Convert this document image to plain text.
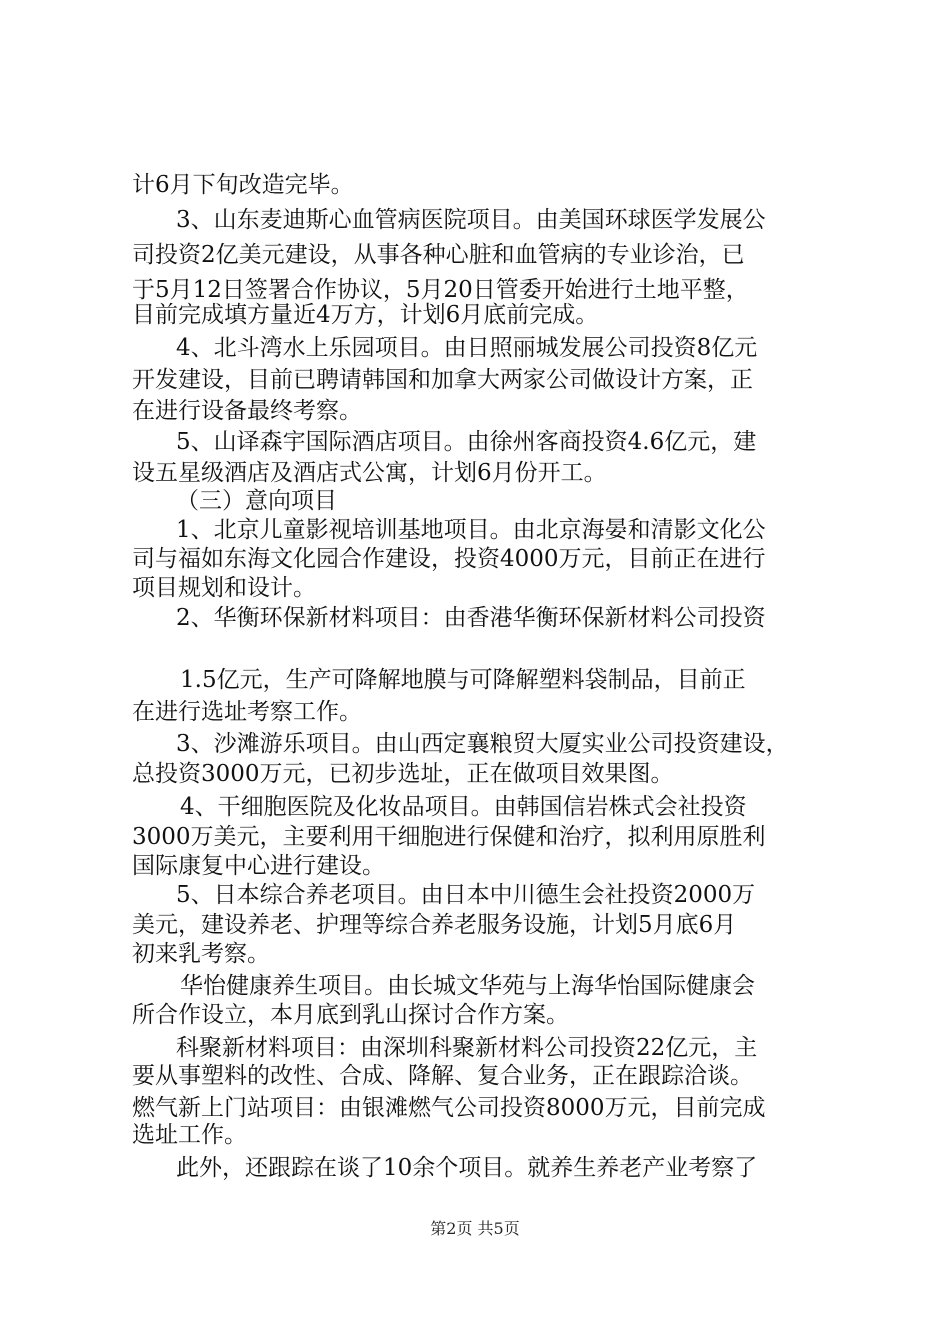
计6月下旬改造完毕。
3、山东麦迪斯心血管病医院项目。由美国环球医学发展公
司投资2亿美元建设，从事各种心脏和血管病的专业诊治，已
于5月12日签署合作协议，5月20日管委开始进行土地平整，
目前完成填方量近4万方，计划6月底前完成。
4、北斗湾水上乐园项目。由日照丽城发展公司投资8亿元
开发建设，目前已聘请韩国和加拿大两家公司做设计方案，正
在进行设备最终考察。
5、山译森宇国际酒店项目。由徐州客商投资4.6亿元，建
设五星级酒店及酒店式公寓，计划6月份开工。
（三）意向项目
1、北京儿童影视培训基地项目。由北京海晏和清影文化公
司与福如东海文化园合作建设，投资4000万元，目前正在进行
项目规划和设计。
2、华衡环保新材料项目：由香港华衡环保新材料公司投资
1.5亿元，生产可降解地膜与可降解塑料袋制品，目前正
在进行选址考察工作。
3、沙滩游乐项目。由山西定襄粮贸大厦实业公司投资建设，
总投资3000万元，已初步选址，正在做项目效果图。
4、干细胞医院及化妆品项目。由韩国信岩株式会社投资
3000万美元，主要利用干细胞进行保健和治疗，拟利用原胜利
国际康复中心进行建设。
5、日本综合养老项目。由日本中川德生会社投资2000万
美元，建设养老、护理等综合养老服务设施，计划5月底6月
初来乳考察。
华怡健康养生项目。由长城文华苑与上海华怡国际健康会
所合作设立，本月底到乳山探讨合作方案。
科聚新材料项目：由深圳科聚新材料公司投资22亿元，主
要从事塑料的改性、合成、降解、复合业务，正在跟踪洽谈。
燃气新上门站项目：由银滩燃气公司投资8000万元，目前完成
选址工作。
此外，还跟踪在谈了10余个项目。就养生养老产业考察了
第2页 共5页
